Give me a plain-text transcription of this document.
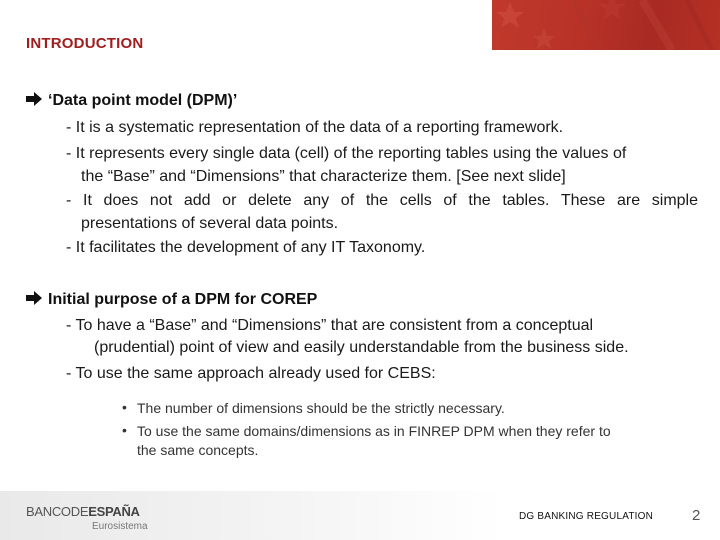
INTRODUCTION
‘Data point model (DPM)’
- It is a systematic representation of the data of a reporting framework.
- It represents every single data (cell) of the reporting tables using the values of
the “Base” and “Dimensions” that characterize them. [See next slide]
- It does not add or delete any of the cells of the tables. These are simple
presentations of several data points.
- It facilitates the development of any IT Taxonomy.
Initial purpose of a DPM for COREP
- To have a “Base” and “Dimensions” that are consistent from a conceptual
(prudential) point of view and easily understandable from the business side.
- To use the same approach already used for CEBS:
• The number of dimensions should be the strictly necessary.
• To use the same domains/dimensions as in FINREP DPM when they refer to
the same concepts.
BANCODEESPAÑA
Eurosistema
DG BANKING REGULATION	2
